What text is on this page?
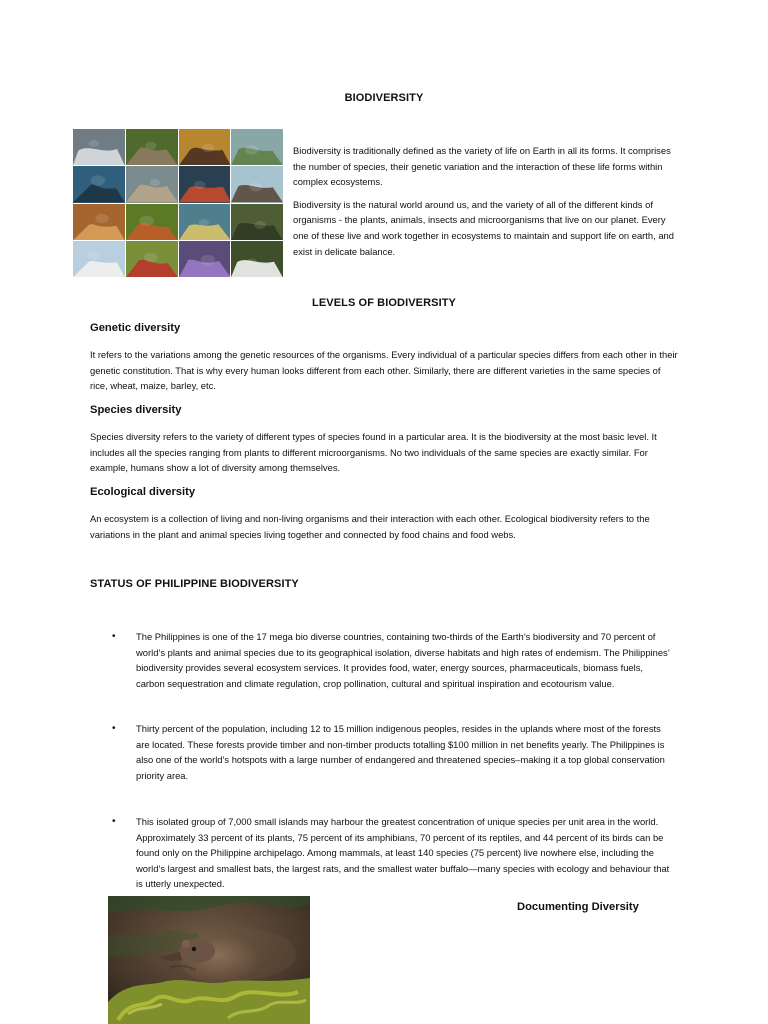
BIODIVERSITY

Biodiversity is traditionally defined as the variety of life on Earth in all its forms. It comprises the number of species, their genetic variation and the interaction of these life forms within complex ecosystems.

Biodiversity is the natural world around us, and the variety of all of the different kinds of organisms - the plants, animals, insects and microorganisms that live on our planet. Every one of these live and work together in ecosystems to maintain and support life on earth, and exist in delicate balance.

LEVELS OF BIODIVERSITY
Genetic diversity

It refers to the variations among the genetic resources of the organisms. Every individual of a particular species differs from each other in their genetic constitution. That is why every human looks different from each other. Similarly, there are different varieties in the same species of rice, wheat, maize, barley, etc.

Species diversity

Species diversity refers to the variety of different types of species found in a particular area. It is the biodiversity at the most basic level. It includes all the species ranging from plants to different microorganisms. No two individuals of the same species are exactly similar. For example, humans show a lot of diversity among themselves.

Ecological diversity

An ecosystem is a collection of living and non-living organisms and their interaction with each other. Ecological biodiversity refers to the variations in the plant and animal species living together and connected by food chains and food webs.

STATUS OF PHILIPPINE BIODIVERSITY
• The Philippines is one of the 17 mega bio diverse countries, containing two-thirds of the Earth’s biodiversity and 70 percent of world’s plants and animal species due to its geographical isolation, diverse habitats and high rates of endemism. The Philippines’ biodiversity provides several ecosystem services. It provides food, water, energy sources, pharmaceuticals, biomass fuels, carbon sequestration and climate regulation, crop pollination, cultural and spiritual inspiration and ecotourism value.

• Thirty percent of the population, including 12 to 15 million indigenous peoples, resides in the uplands where most of the forests are located. These forests provide timber and non-timber products totalling $100 million in net benefits yearly. The Philippines is also one of the world’s hotspots with a large number of endangered and threatened species–making it a top global conservation priority area.

• This isolated group of 7,000 small islands may harbour the greatest concentration of unique species per unit area in the world. Approximately 33 percent of its plants, 75 percent of its amphibians, 70 percent of its reptiles, and 44 percent of its birds can be found only on the Philippine archipelago. Among mammals, at least 140 species (75 percent) live nowhere else, including the world’s largest and smallest bats, the largest rats, and the smallest water buffalo—many species with ecology and behaviour that is utterly unexpected.

Documenting Diversity
